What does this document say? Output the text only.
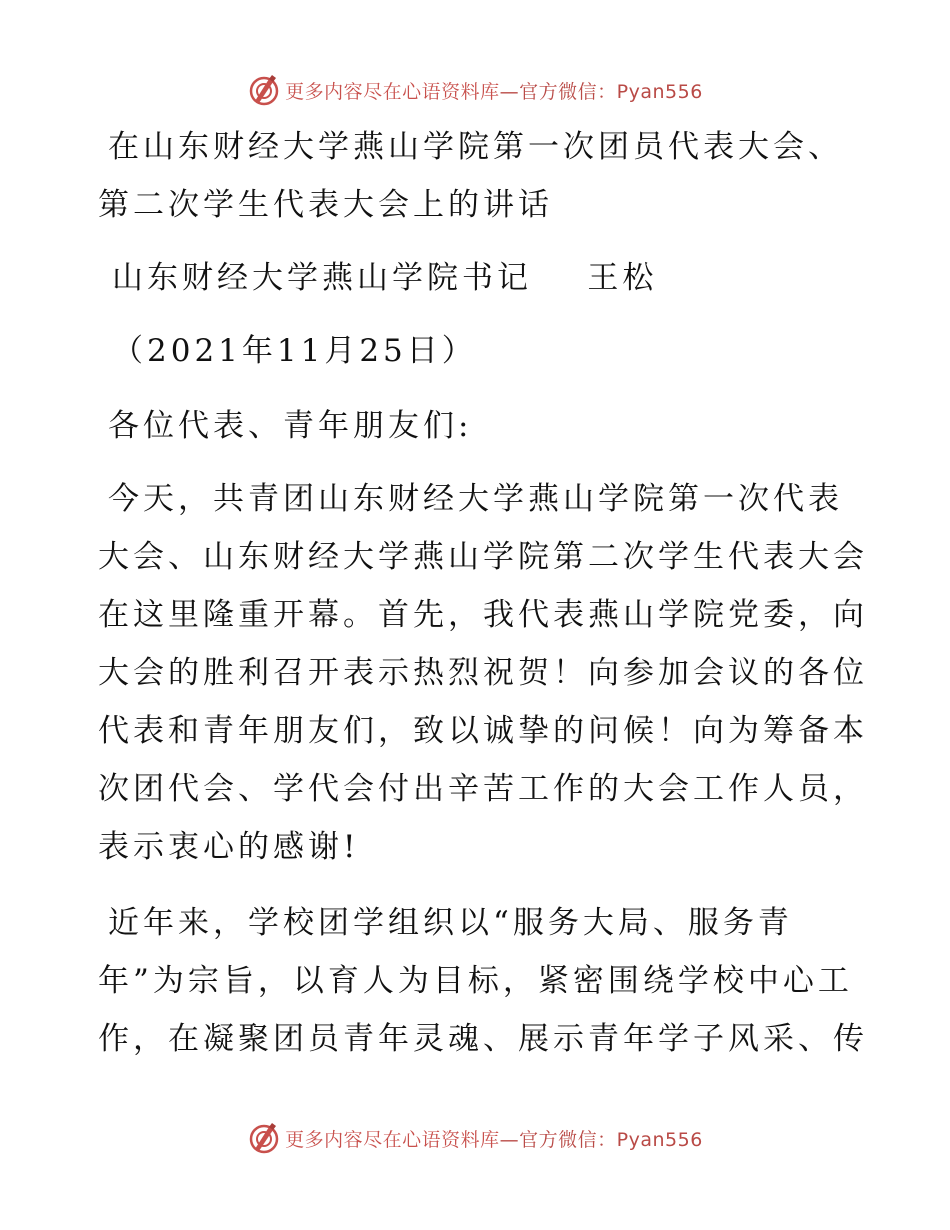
更多内容尽在心语资料库—官方微信：Pyan556

在山东财经大学燕山学院第一次团员代表大会、

第二次学生代表大会上的讲话

山东财经大学燕山学院书记    王松

（2021年11月25日）

各位代表、青年朋友们:

今天，共青团山东财经大学燕山学院第一次代表
大会、山东财经大学燕山学院第二次学生代表大会
在这里隆重开幕。首先，我代表燕山学院党委，向
大会的胜利召开表示热烈祝贺！向参加会议的各位
代表和青年朋友们，致以诚挚的问候！向为筹备本
次团代会、学代会付出辛苦工作的大会工作人员，
表示衷心的感谢!
近年来，学校团学组织以“服务大局、服务青
年”为宗旨，以育人为目标，紧密围绕学校中心工
作，在凝聚团员青年灵魂、展示青年学子风采、传
更多内容尽在心语资料库—官方微信：Pyan556
